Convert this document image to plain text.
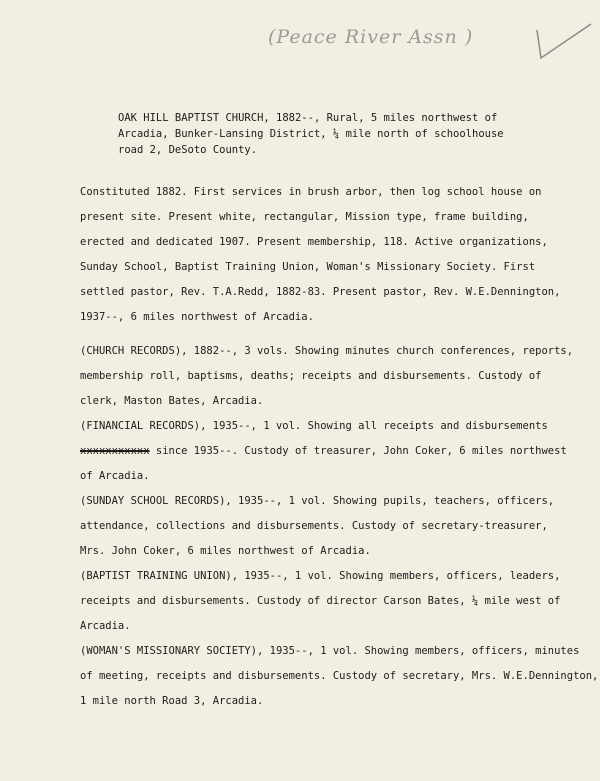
(Peace River Assn )

OAK HILL BAPTIST CHURCH, 1882--, Rural, 5 miles northwest of

Arcadia, Bunker-Lansing District, ¼ mile north of schoolhouse

road 2, DeSoto County.

Constituted 1882. First services in brush arbor, then log school house on
present site. Present white, rectangular, Mission type, frame building,
erected and dedicated 1907. Present membership, 118. Active organizations,
Sunday School, Baptist Training Union, Woman's Missionary Society. First
settled pastor, Rev. T.A.Redd, 1882-83. Present pastor, Rev. W.E.Dennington,
1937--, 6 miles northwest of Arcadia.
(CHURCH RECORDS), 1882--, 3 vols. Showing minutes church conferences, reports,
membership roll, baptisms, deaths; receipts and disbursements. Custody of
clerk, Maston Bates, Arcadia.
(FINANCIAL RECORDS), 1935--, 1 vol. Showing all receipts and disbursements
xxxxxxxxxxx since 1935--. Custody of treasurer, John Coker, 6 miles northwest
of Arcadia.
(SUNDAY SCHOOL RECORDS), 1935--, 1 vol. Showing pupils, teachers, officers,
attendance, collections and disbursements. Custody of secretary-treasurer,
Mrs. John Coker, 6 miles northwest of Arcadia.
(BAPTIST TRAINING UNION), 1935--, 1 vol. Showing members, officers, leaders,
receipts and disbursements. Custody of director Carson Bates, ¼ mile west of
Arcadia.
(WOMAN'S MISSIONARY SOCIETY), 1935--, 1 vol. Showing members, officers, minutes
of meeting, receipts and disbursements. Custody of secretary, Mrs. W.E.Dennington,
1 mile north Road 3, Arcadia.
